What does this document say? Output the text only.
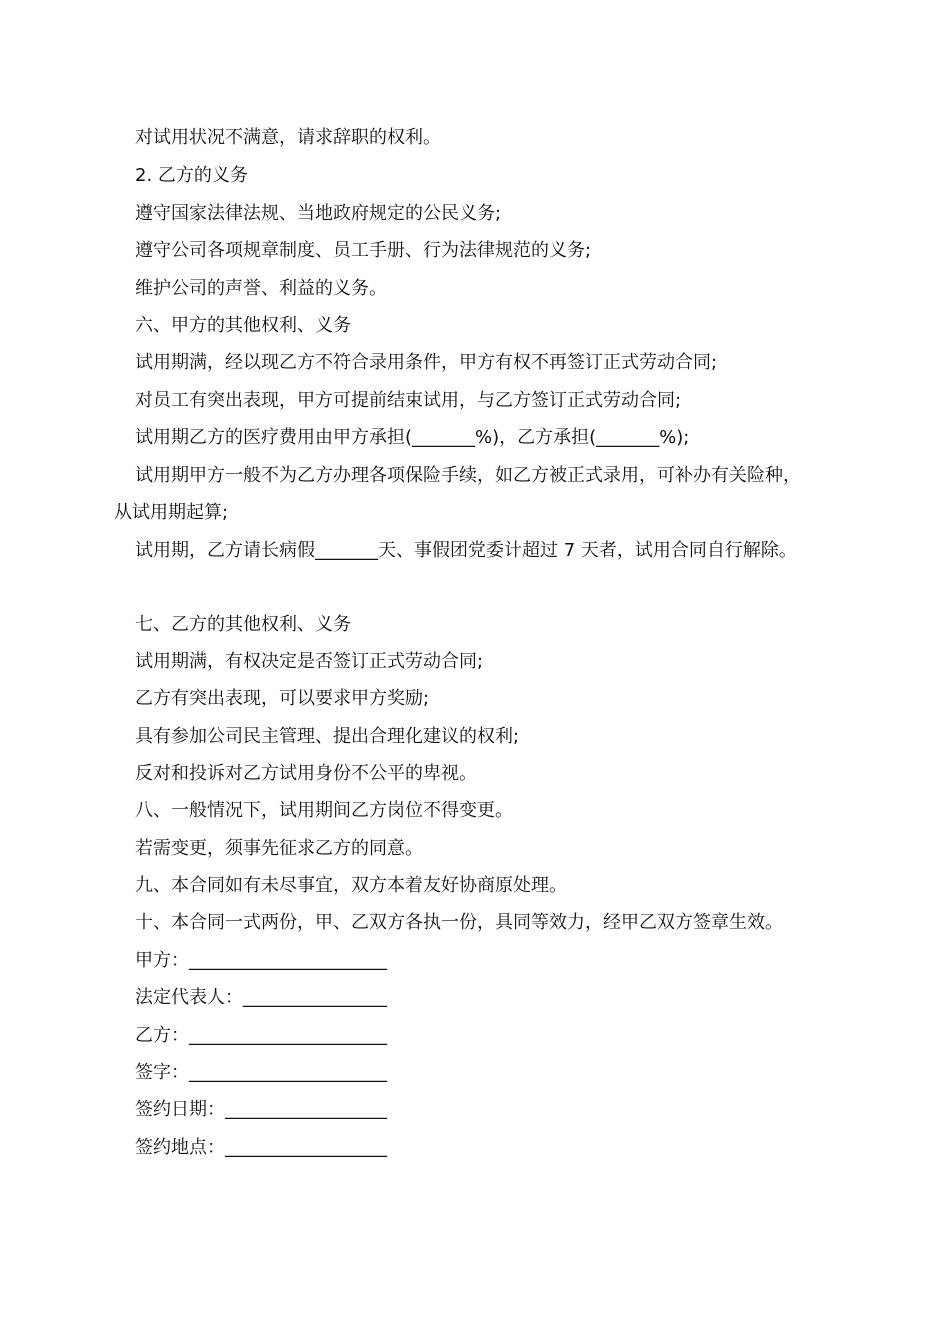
对试用状况不满意，请求辞职的权利。
2. 乙方的义务
遵守国家法律法规、当地政府规定的公民义务;
遵守公司各项规章制度、员工手册、行为法律规范的义务;
维护公司的声誉、利益的义务。
六、甲方的其他权利、义务
试用期满，经以现乙方不符合录用条件，甲方有权不再签订正式劳动合同;
对员工有突出表现，甲方可提前结束试用，与乙方签订正式劳动合同;
试用期乙方的医疗费用由甲方承担(_______%)，乙方承担(_______%);
试用期甲方一般不为乙方办理各项保险手续，如乙方被正式录用，可补办有关险种，
从试用期起算;
试用期，乙方请长病假_______天、事假团党委计超过 7 天者，试用合同自行解除。
七、乙方的其他权利、义务
试用期满，有权决定是否签订正式劳动合同;
乙方有突出表现，可以要求甲方奖励;
具有参加公司民主管理、提出合理化建议的权利;
反对和投诉对乙方试用身份不公平的卑视。
八、一般情况下，试用期间乙方岗位不得变更。
若需变更，须事先征求乙方的同意。
九、本合同如有未尽事宜，双方本着友好协商原处理。
十、本合同一式两份，甲、乙双方各执一份，具同等效力，经甲乙双方签章生效。
甲方：______________________
法定代表人：________________
乙方：______________________
签字：______________________
签约日期：__________________
签约地点：__________________
